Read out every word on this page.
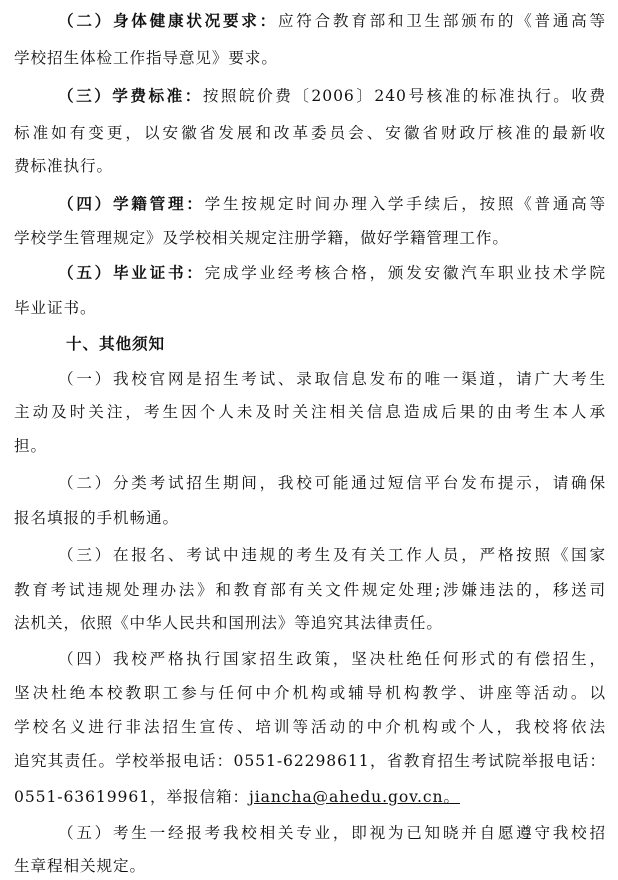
（二）身体健康状况要求：应符合教育部和卫生部颁布的《普通高等
学校招生体检工作指导意见》要求。
（三）学费标准：按照皖价费〔2006〕240号核准的标准执行。收费
标准如有变更，以安徽省发展和改革委员会、安徽省财政厅核准的最新收
费标准执行。
（四）学籍管理：学生按规定时间办理入学手续后，按照《普通高等
学校学生管理规定》及学校相关规定注册学籍，做好学籍管理工作。
（五）毕业证书：完成学业经考核合格，颁发安徽汽车职业技术学院
毕业证书。
十、其他须知
（一）我校官网是招生考试、录取信息发布的唯一渠道，请广大考生
主动及时关注，考生因个人未及时关注相关信息造成后果的由考生本人承
担。
（二）分类考试招生期间，我校可能通过短信平台发布提示，请确保
报名填报的手机畅通。
（三）在报名、考试中违规的考生及有关工作人员，严格按照《国家
教育考试违规处理办法》和教育部有关文件规定处理;涉嫌违法的，移送司
法机关，依照《中华人民共和国刑法》等追究其法律责任。
（四）我校严格执行国家招生政策，坚决杜绝任何形式的有偿招生，
坚决杜绝本校教职工参与任何中介机构或辅导机构教学、讲座等活动。以
学校名义进行非法招生宣传、培训等活动的中介机构或个人，我校将依法
追究其责任。学校举报电话：0551-62298611，省教育招生考试院举报电话：
0551-63619961，举报信箱：jiancha@ahedu.gov.cn。
（五）考生一经报考我校相关专业，即视为已知晓并自愿遵守我校招
生章程相关规定。
